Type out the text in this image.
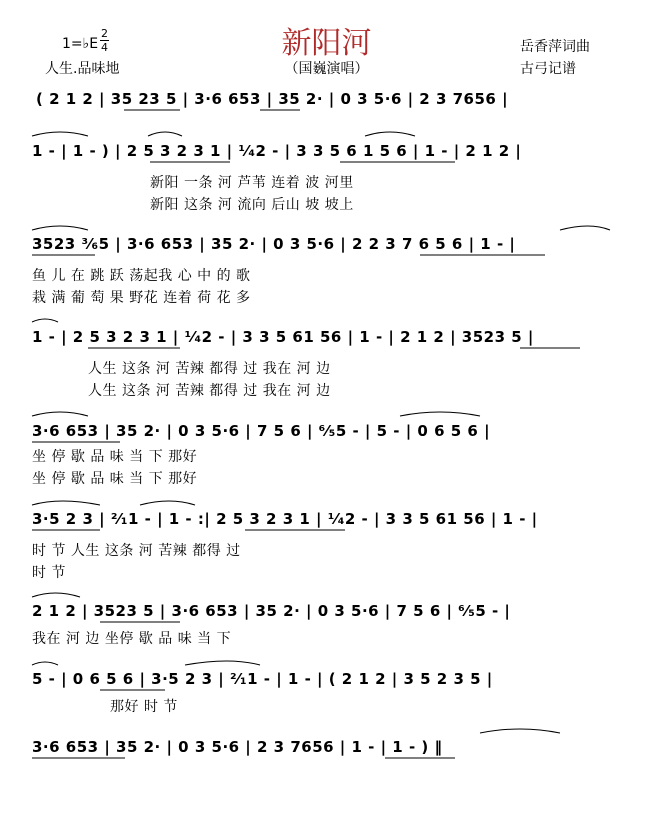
新阳河
1=♭E
2
4
人生.品味地	（国巍演唱）
岳香萍词曲
古弓记谱
( 2 1 2 | 35 23 5 | 3·6 653 | 35 2· | 0 3 5·6 | 2 3 7656 |
1 - | 1 - ) | 2 5 3 2 3 1 | ¹⁄₄2 - | 3 3 5 6 1 5 6 | 1 - | 2 1 2 |
新阳 一条 河 芦苇 连着 波 河里
新阳 这条 河 流向 后山 坡 坡上
3523 ³⁄₆5 | 3·6 653 | 35 2· | 0 3 5·6 | 2 2 3 7 6 5 6 | 1 - |
鱼 儿 在 跳 跃 荡起我 心 中 的 歌
栽 满 葡 萄 果 野花 连着 荷 花 多
1 - | 2 5 3 2 3 1 | ¹⁄₄2 - | 3 3 5 61 56 | 1 - | 2 1 2 | 3523 5 |
人生 这条 河 苦辣 都得 过 我在 河 边
人生 这条 河 苦辣 都得 过 我在 河 边
3·6 653 | 35 2· | 0 3 5·6 | 7 5 6 | ⁶⁄₅5 - | 5 - | 0 6 5 6 |
坐 停 歇 品 味 当 下 那好
坐 停 歇 品 味 当 下 那好
3·5 2 3 | ²⁄₁1 - | 1 - :| 2 5 3 2 3 1 | ¹⁄₄2 - | 3 3 5 61 56 | 1 - |
时 节 人生 这条 河 苦辣 都得 过
时 节
2 1 2 | 3523 5 | 3·6 653 | 35 2· | 0 3 5·6 | 7 5 6 | ⁶⁄₅5 - |
我在 河 边 坐停 歇 品 味 当 下
5 - | 0 6 5 6 | 3·5 2 3 | ²⁄₁1 - | 1 - | ( 2 1 2 | 3 5 2 3 5 |
那好 时 节
3·6 653 | 35 2· | 0 3 5·6 | 2 3 7656 | 1 - | 1 - ) ‖
